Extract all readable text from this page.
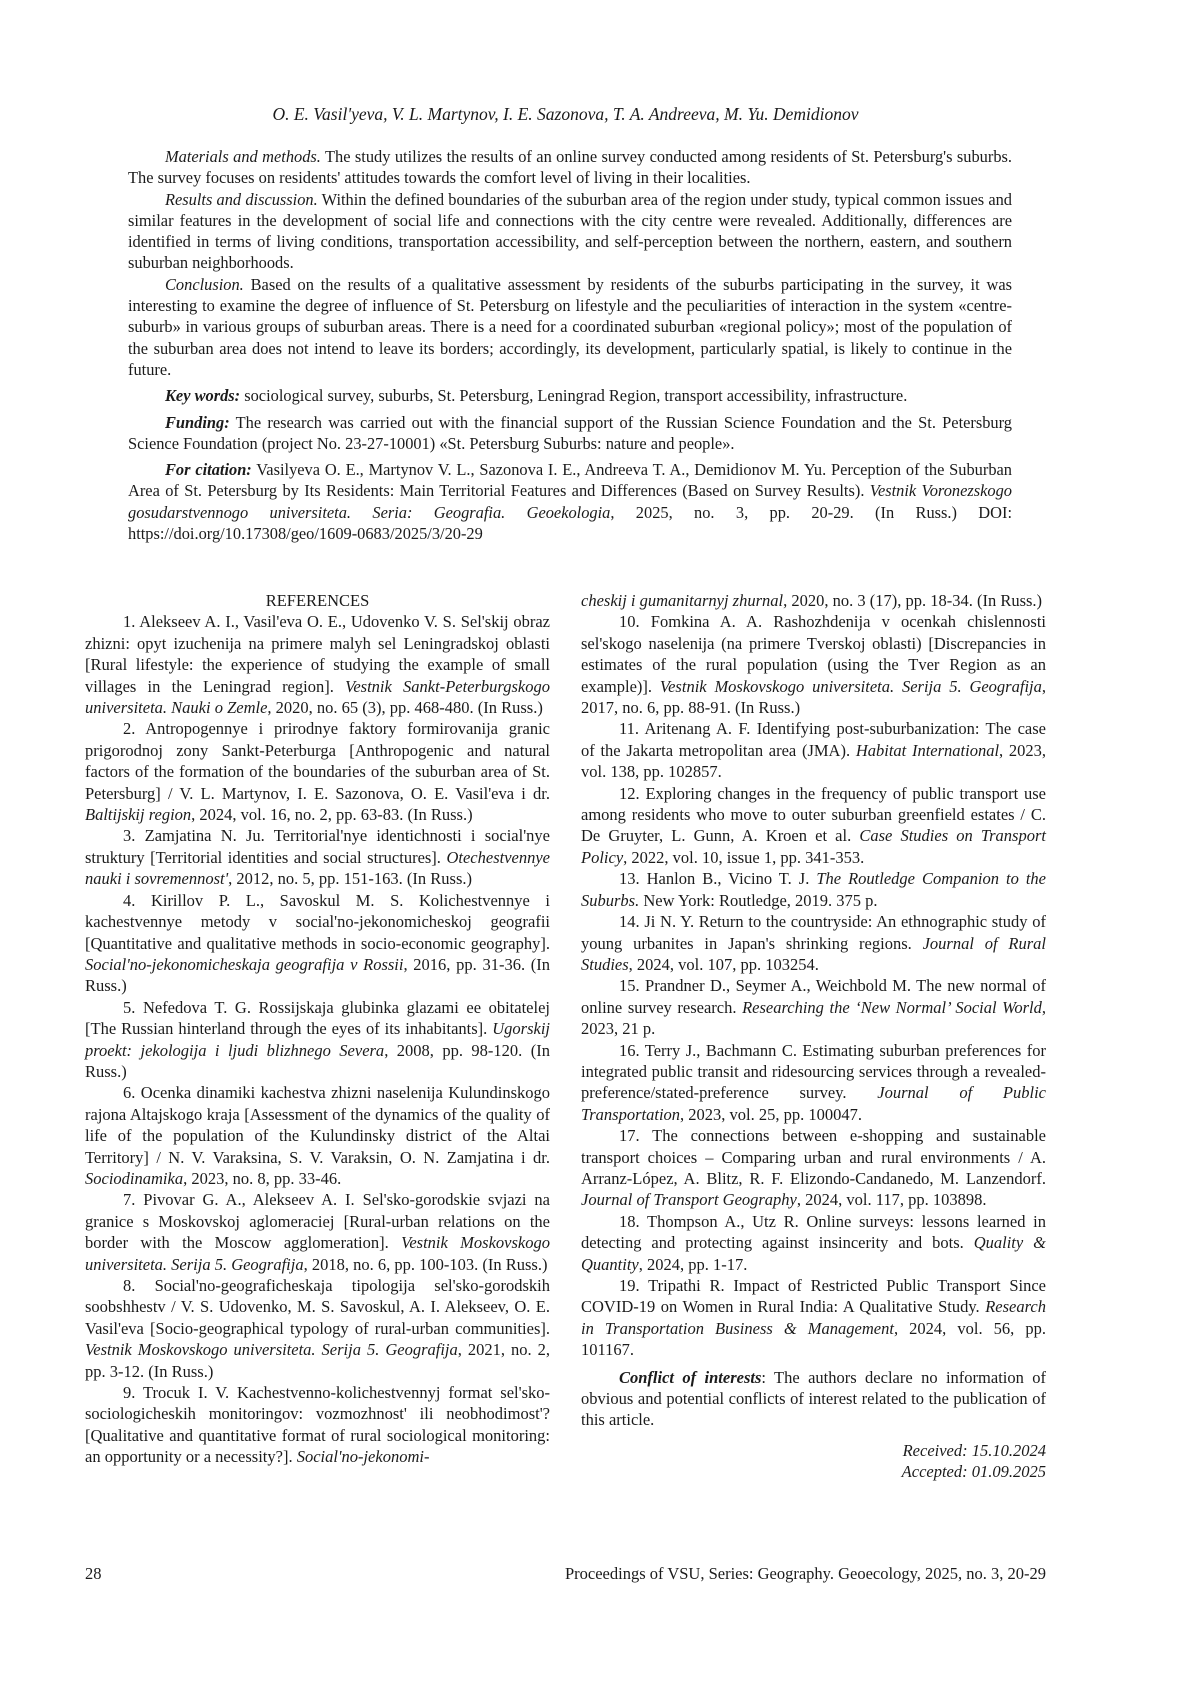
O. E. Vasil'yeva, V. L. Martynov, I. E. Sazonova, T. A. Andreeva, M. Yu. Demidionov

Materials and methods. The study utilizes the results of an online survey conducted among residents of St. Petersburg's suburbs. The survey focuses on residents' attitudes towards the comfort level of living in their localities.

Results and discussion. Within the defined boundaries of the suburban area of the region under study, typical common issues and similar features in the development of social life and connections with the city centre were revealed. Additionally, differences are identified in terms of living conditions, transportation accessibility, and self-perception between the northern, eastern, and southern suburban neighborhoods.

Conclusion. Based on the results of a qualitative assessment by residents of the suburbs participating in the survey, it was interesting to examine the degree of influence of St. Petersburg on lifestyle and the peculiarities of interaction in the system «centre-suburb» in various groups of suburban areas. There is a need for a coordinated suburban «regional policy»; most of the population of the suburban area does not intend to leave its borders; accordingly, its development, particularly spatial, is likely to continue in the future.

Key words: sociological survey, suburbs, St. Petersburg, Leningrad Region, transport accessibility, infrastructure.

Funding: The research was carried out with the financial support of the Russian Science Foundation and the St. Petersburg Science Foundation (project No. 23-27-10001) «St. Petersburg Suburbs: nature and people».

For citation: Vasilyeva O. E., Martynov V. L., Sazonova I. E., Andreeva T. A., Demidionov M. Yu. Perception of the Suburban Area of St. Petersburg by Its Residents: Main Territorial Features and Differences (Based on Survey Results). Vestnik Voronezskogo gosudarstvennogo universiteta. Seria: Geografia. Geoekologia, 2025, no. 3, pp. 20-29. (In Russ.) DOI: https://doi.org/10.17308/geo/1609-0683/2025/3/20-29

REFERENCES

1. Alekseev A. I., Vasil'eva O. E., Udovenko V. S. Sel'skij obraz zhizni: opyt izuchenija na primere malyh sel Leningradskoj oblasti [Rural lifestyle: the experience of studying the example of small villages in the Leningrad region]. Vestnik Sankt-Peterburgskogo universiteta. Nauki o Zemle, 2020, no. 65 (3), pp. 468-480. (In Russ.)

2. Antropogennye i prirodnye faktory formirovanija granic prigorodnoj zony Sankt-Peterburga [Anthropogenic and natural factors of the formation of the boundaries of the suburban area of St. Petersburg] / V. L. Martynov, I. E. Sazonova, O. E. Vasil'eva i dr. Baltijskij region, 2024, vol. 16, no. 2, pp. 63-83. (In Russ.)

3. Zamjatina N. Ju. Territorial'nye identichnosti i social'nye struktury [Territorial identities and social structures]. Otechestvennye nauki i sovremennost', 2012, no. 5, pp. 151-163. (In Russ.)

4. Kirillov P. L., Savoskul M. S. Kolichestvennye i kachestvennye metody v social'no-jekonomicheskoj geografii [Quantitative and qualitative methods in socio-economic geography]. Social'no-jekonomicheskaja geografija v Rossii, 2016, pp. 31-36. (In Russ.)

5. Nefedova T. G. Rossijskaja glubinka glazami ee obitatelej [The Russian hinterland through the eyes of its inhabitants]. Ugorskij proekt: jekologija i ljudi blizhnego Severa, 2008, pp. 98-120. (In Russ.)

6. Ocenka dinamiki kachestva zhizni naselenija Kulundinskogo rajona Altajskogo kraja [Assessment of the dynamics of the quality of life of the population of the Kulundinsky district of the Altai Territory] / N. V. Varaksina, S. V. Varaksin, O. N. Zamjatina i dr. Sociodinamika, 2023, no. 8, pp. 33-46.

7. Pivovar G. A., Alekseev A. I. Sel'sko-gorodskie svjazi na granice s Moskovskoj aglomeraciej [Rural-urban relations on the border with the Moscow agglomeration]. Vestnik Moskovskogo universiteta. Serija 5. Geografija, 2018, no. 6, pp. 100-103. (In Russ.)

8. Social'no-geograficheskaja tipologija sel'sko-gorodskih soobshhestv / V. S. Udovenko, M. S. Savoskul, A. I. Alekseev, O. E. Vasil'eva [Socio-geographical typology of rural-urban communities]. Vestnik Moskovskogo universiteta. Serija 5. Geografija, 2021, no. 2, pp. 3-12. (In Russ.)

9. Trocuk I. V. Kachestvenno-kolichestvennyj format sel'sko-sociologicheskih monitoringov: vozmozhnost' ili neobhodimost'? [Qualitative and quantitative format of rural sociological monitoring: an opportunity or a necessity?]. Social'no-jekonomi-

cheskij i gumanitarnyj zhurnal, 2020, no. 3 (17), pp. 18-34. (In Russ.)

10. Fomkina A. A. Rashozhdenija v ocenkah chislennosti sel'skogo naselenija (na primere Tverskoj oblasti) [Discrepancies in estimates of the rural population (using the Tver Region as an example)]. Vestnik Moskovskogo universiteta. Serija 5. Geografija, 2017, no. 6, pp. 88-91. (In Russ.)

11. Aritenang A. F. Identifying post-suburbanization: The case of the Jakarta metropolitan area (JMA). Habitat International, 2023, vol. 138, pp. 102857.

12. Exploring changes in the frequency of public transport use among residents who move to outer suburban greenfield estates / C. De Gruyter, L. Gunn, A. Kroen et al. Case Studies on Transport Policy, 2022, vol. 10, issue 1, pp. 341-353.

13. Hanlon B., Vicino T. J. The Routledge Companion to the Suburbs. New York: Routledge, 2019. 375 p.

14. Ji N. Y. Return to the countryside: An ethnographic study of young urbanites in Japan's shrinking regions. Journal of Rural Studies, 2024, vol. 107, pp. 103254.

15. Prandner D., Seymer A., Weichbold M. The new normal of online survey research. Researching the ‘New Normal’ Social World, 2023, 21 p.

16. Terry J., Bachmann C. Estimating suburban preferences for integrated public transit and ridesourcing services through a revealed-preference/stated-preference survey. Journal of Public Transportation, 2023, vol. 25, pp. 100047.

17. The connections between e-shopping and sustainable transport choices – Comparing urban and rural environments / A. Arranz-López, A. Blitz, R. F. Elizondo-Candanedo, M. Lanzendorf. Journal of Transport Geography, 2024, vol. 117, pp. 103898.

18. Thompson A., Utz R. Online surveys: lessons learned in detecting and protecting against insincerity and bots. Quality & Quantity, 2024, pp. 1-17.

19. Tripathi R. Impact of Restricted Public Transport Since COVID-19 on Women in Rural India: A Qualitative Study. Research in Transportation Business & Management, 2024, vol. 56, pp. 101167.

Conflict of interests: The authors declare no information of obvious and potential conflicts of interest related to the publication of this article.

Received: 15.10.2024
Accepted: 01.09.2025
28	Proceedings of VSU, Series: Geography. Geoecology, 2025, no. 3, 20-29
